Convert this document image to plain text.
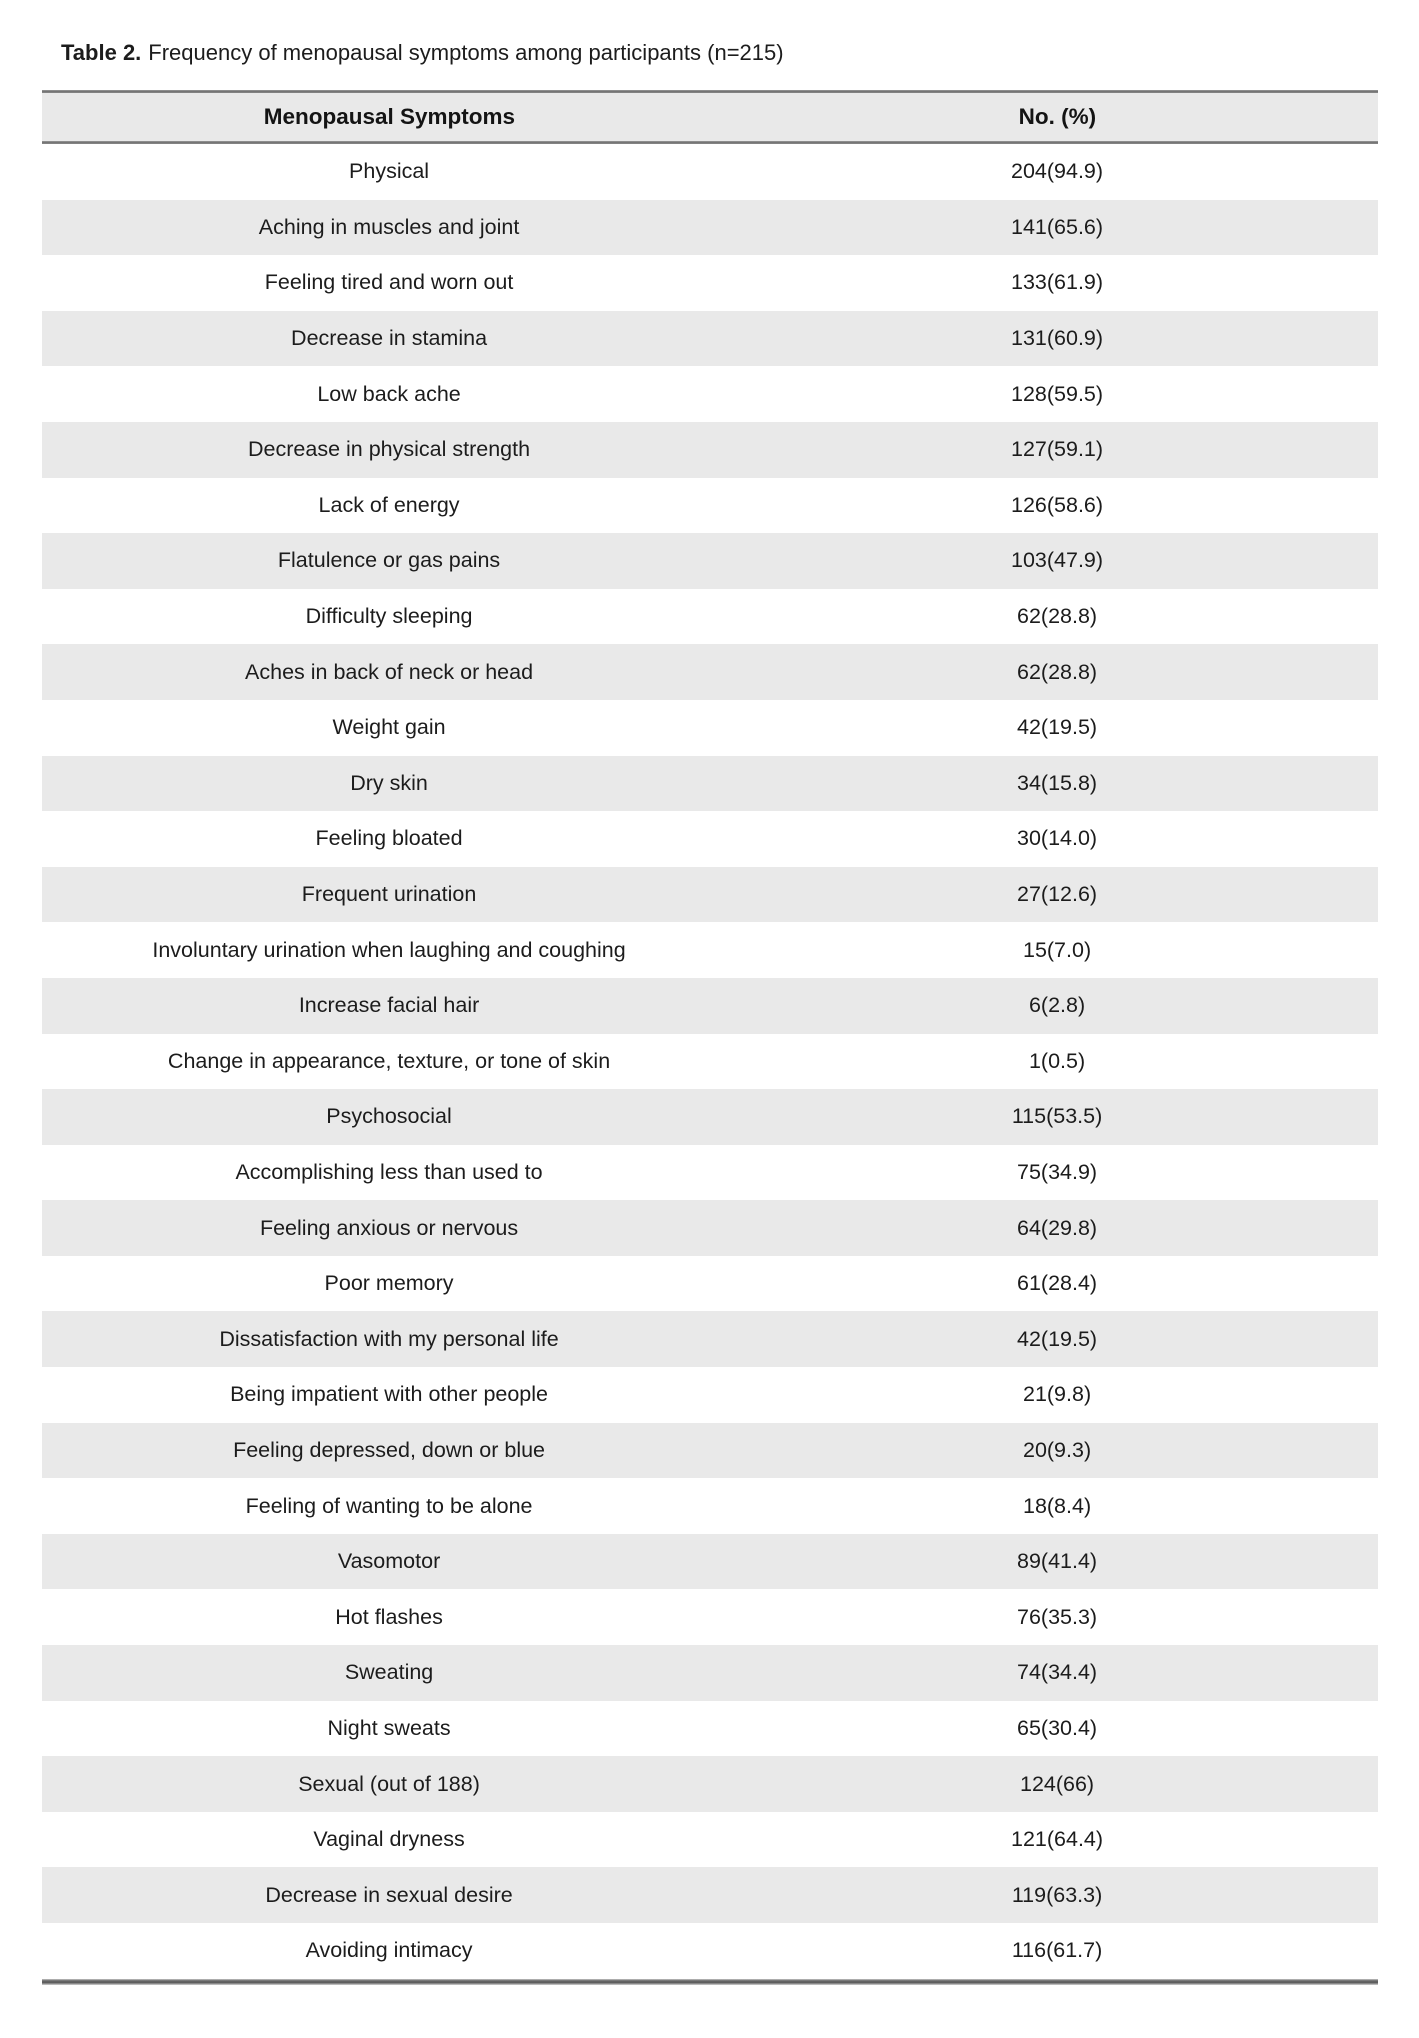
Table 2. Frequency of menopausal symptoms among participants (n=215)
Menopausal Symptoms	No. (%)
Physical	204(94.9)
Aching in muscles and joint	141(65.6)
Feeling tired and worn out	133(61.9)
Decrease in stamina	131(60.9)
Low back ache	128(59.5)
Decrease in physical strength	127(59.1)
Lack of energy	126(58.6)
Flatulence or gas pains	103(47.9)
Difficulty sleeping	62(28.8)
Aches in back of neck or head	62(28.8)
Weight gain	42(19.5)
Dry skin	34(15.8)
Feeling bloated	30(14.0)
Frequent urination	27(12.6)
Involuntary urination when laughing and coughing	15(7.0)
Increase facial hair	6(2.8)
Change in appearance, texture, or tone of skin	1(0.5)
Psychosocial	115(53.5)
Accomplishing less than used to	75(34.9)
Feeling anxious or nervous	64(29.8)
Poor memory	61(28.4)
Dissatisfaction with my personal life	42(19.5)
Being impatient with other people	21(9.8)
Feeling depressed, down or blue	20(9.3)
Feeling of wanting to be alone	18(8.4)
Vasomotor	89(41.4)
Hot flashes	76(35.3)
Sweating	74(34.4)
Night sweats	65(30.4)
Sexual (out of 188)	124(66)
Vaginal dryness	121(64.4)
Decrease in sexual desire	119(63.3)
Avoiding intimacy	116(61.7)
